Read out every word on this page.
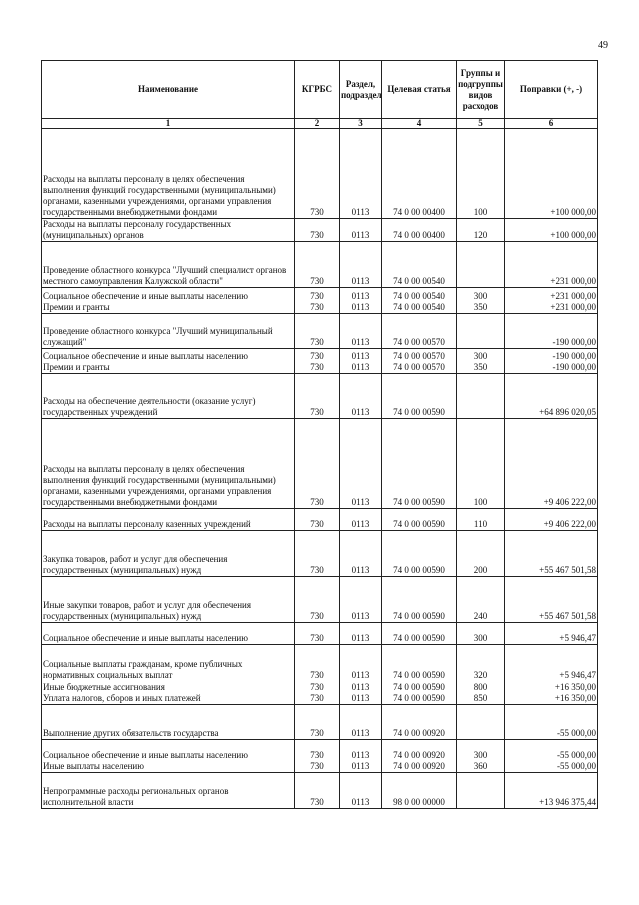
49
Наименование	КГРБС	Раздел, подраздел	Целевая статья	Группы и подгруппы видов расходов	Поправки (+, -)
1	2	3	4	5	6
Расходы на выплаты персоналу в целях обеспечения выполнения функций государственными (муниципальными) органами, казенными учреждениями, органами управления государственными внебюджетными фондами	730	0113	74 0 00 00400	100	+100 000,00
Расходы на выплаты персоналу государственных (муниципальных) органов	730	0113	74 0 00 00400	120	+100 000,00
Проведение областного конкурса "Лучший специалист органов местного самоуправления Калужской области"	730	0113	74 0 00 00540		+231 000,00
Социальное обеспечение и иные выплаты населению	730	0113	74 0 00 00540	300	+231 000,00
Премии и гранты	730	0113	74 0 00 00540	350	+231 000,00
Проведение областного конкурса "Лучший муниципальный служащий"	730	0113	74 0 00 00570		-190 000,00
Социальное обеспечение и иные выплаты населению	730	0113	74 0 00 00570	300	-190 000,00
Премии и гранты	730	0113	74 0 00 00570	350	-190 000,00
Расходы на обеспечение деятельности (оказание услуг) государственных учреждений	730	0113	74 0 00 00590		+64 896 020,05
Расходы на выплаты персоналу в целях обеспечения выполнения функций государственными (муниципальными) органами, казенными учреждениями, органами управления государственными внебюджетными фондами	730	0113	74 0 00 00590	100	+9 406 222,00
Расходы на выплаты персоналу казенных учреждений	730	0113	74 0 00 00590	110	+9 406 222,00
Закупка товаров, работ и услуг для обеспечения государственных (муниципальных) нужд	730	0113	74 0 00 00590	200	+55 467 501,58
Иные закупки товаров, работ и услуг для обеспечения государственных (муниципальных) нужд	730	0113	74 0 00 00590	240	+55 467 501,58
Социальное обеспечение и иные выплаты населению	730	0113	74 0 00 00590	300	+5 946,47
Социальные выплаты гражданам, кроме публичных нормативных социальных выплат	730	0113	74 0 00 00590	320	+5 946,47
Иные бюджетные ассигнования	730	0113	74 0 00 00590	800	+16 350,00
Уплата налогов, сборов и иных платежей	730	0113	74 0 00 00590	850	+16 350,00
Выполнение других обязательств государства	730	0113	74 0 00 00920		-55 000,00
Социальное обеспечение и иные выплаты населению	730	0113	74 0 00 00920	300	-55 000,00
Иные выплаты населению	730	0113	74 0 00 00920	360	-55 000,00
Непрограммные расходы региональных органов исполнительной власти	730	0113	98 0 00 00000		+13 946 375,44
